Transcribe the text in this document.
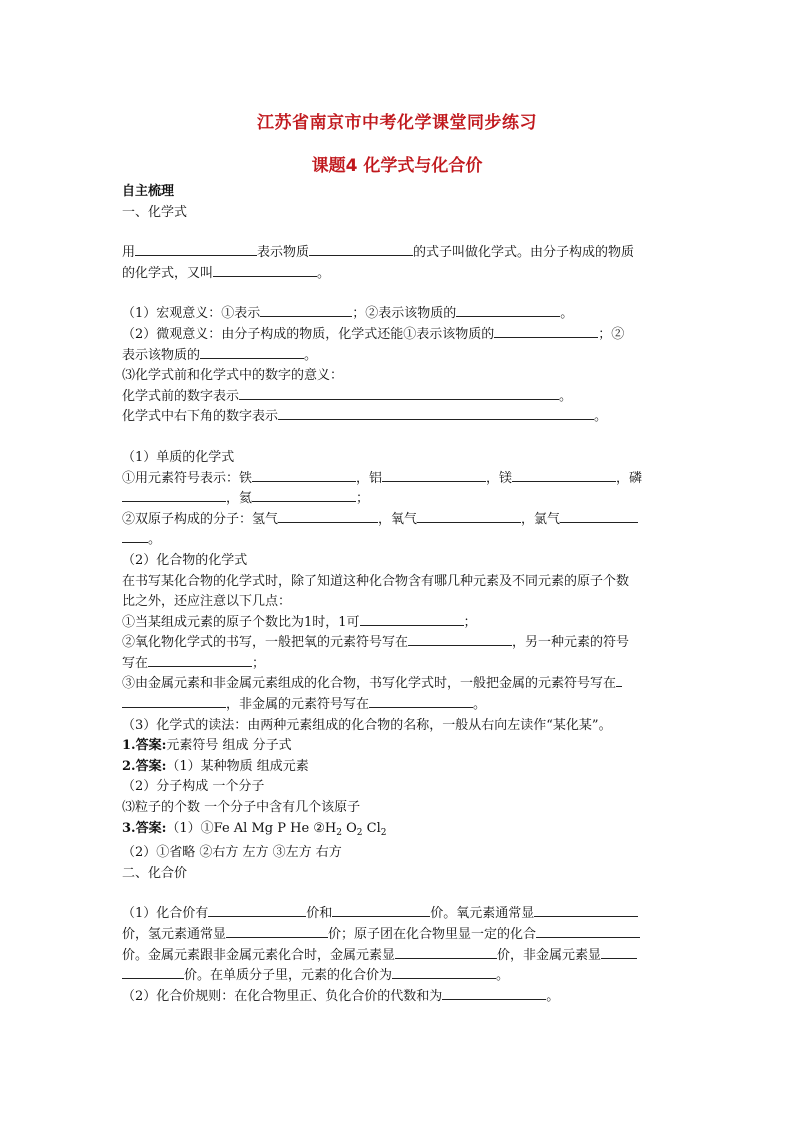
江苏省南京市中考化学课堂同步练习
课题4 化学式与化合价

自主梳理

一、化学式

用	表示物质	的式子叫做化学式。由分子构成的物质

的化学式，又叫	。

（1）宏观意义：①表示	；②表示该物质的	。

（2）微观意义：由分子构成的物质，化学式还能①表示该物质的	；②

表示该物质的	。

⑶化学式前和化学式中的数字的意义：

化学式前的数字表示	。

化学式中右下角的数字表示	。

（1）单质的化学式

①用元素符号表示：铁	，铝	，镁	，磷

，氦	；

②双原子构成的分子：氢气	，氧气	，氯气

。

（2）化合物的化学式

在书写某化合物的化学式时，除了知道这种化合物含有哪几种元素及不同元素的原子个数

比之外，还应注意以下几点：

①当某组成元素的原子个数比为1时，1可	；

②氧化物化学式的书写，一般把氧的元素符号写在	，另一种元素的符号

写在	；

③由金属元素和非金属元素组成的化合物，书写化学式时，一般把金属的元素符号写在

，非金属的元素符号写在	。

（3）化学式的读法：由两种元素组成的化合物的名称，一般从右向左读作“某化某”。

1.答案:元素符号 组成 分子式

2.答案:（1）某种物质 组成元素

（2）分子构成 一个分子

⑶粒子的个数 一个分子中含有几个该原子

3.答案:（1）①Fe Al Mg P He $②H_2$ $O_2$ $Cl_2$

（2）①省略 ②右方 左方 ③左方 右方

二、化合价

（1）化合价有	价和	价。氧元素通常显

价，氢元素通常显	价；原子团在化合物里显一定的化合

价。金属元素跟非金属元素化合时，金属元素显	价，非金属元素显

价。在单质分子里，元素的化合价为	。

（2）化合价规则：在化合物里正、负化合价的代数和为	。
